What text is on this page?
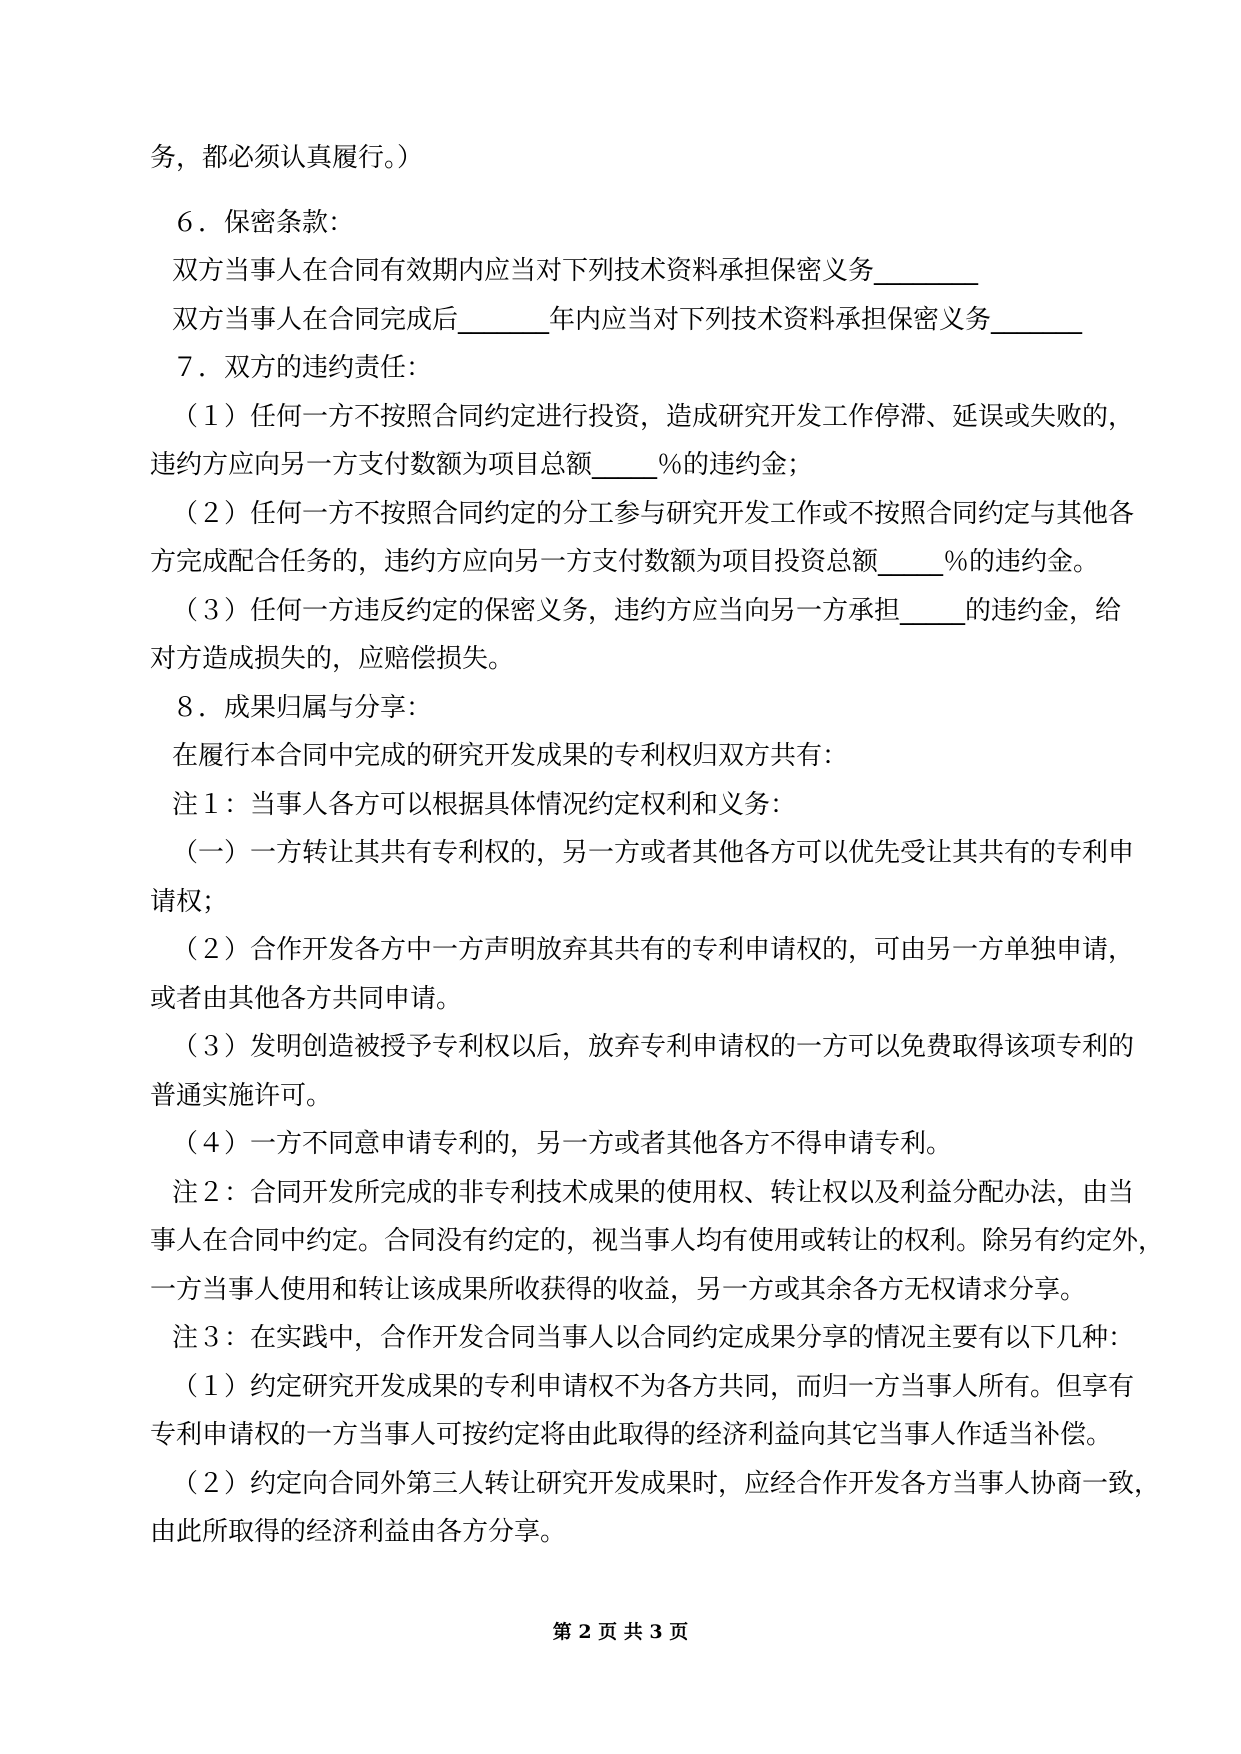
务，都必须认真履行。）
６．保密条款：
双方当事人在合同有效期内应当对下列技术资料承担保密义务________
双方当事人在合同完成后_______年内应当对下列技术资料承担保密义务_______
７．双方的违约责任：
（１）任何一方不按照合同约定进行投资，造成研究开发工作停滞、延误或失败的，
违约方应向另一方支付数额为项目总额_____％的违约金；
（２）任何一方不按照合同约定的分工参与研究开发工作或不按照合同约定与其他各
方完成配合任务的，违约方应向另一方支付数额为项目投资总额_____％的违约金。
（３）任何一方违反约定的保密义务，违约方应当向另一方承担_____的违约金，给
对方造成损失的，应赔偿损失。
８．成果归属与分享：
在履行本合同中完成的研究开发成果的专利权归双方共有：
注１：当事人各方可以根据具体情况约定权利和义务：
（一）一方转让其共有专利权的，另一方或者其他各方可以优先受让其共有的专利申
请权；
（２）合作开发各方中一方声明放弃其共有的专利申请权的，可由另一方单独申请，
或者由其他各方共同申请。
（３）发明创造被授予专利权以后，放弃专利申请权的一方可以免费取得该项专利的
普通实施许可。
（４）一方不同意申请专利的，另一方或者其他各方不得申请专利。
注２：合同开发所完成的非专利技术成果的使用权、转让权以及利益分配办法，由当
事人在合同中约定。合同没有约定的，视当事人均有使用或转让的权利。除另有约定外，
一方当事人使用和转让该成果所收获得的收益，另一方或其余各方无权请求分享。
注３：在实践中，合作开发合同当事人以合同约定成果分享的情况主要有以下几种：
（１）约定研究开发成果的专利申请权不为各方共同，而归一方当事人所有。但享有
专利申请权的一方当事人可按约定将由此取得的经济利益向其它当事人作适当补偿。
（２）约定向合同外第三人转让研究开发成果时，应经合作开发各方当事人协商一致，
由此所取得的经济利益由各方分享。
第 2 页 共 3 页
